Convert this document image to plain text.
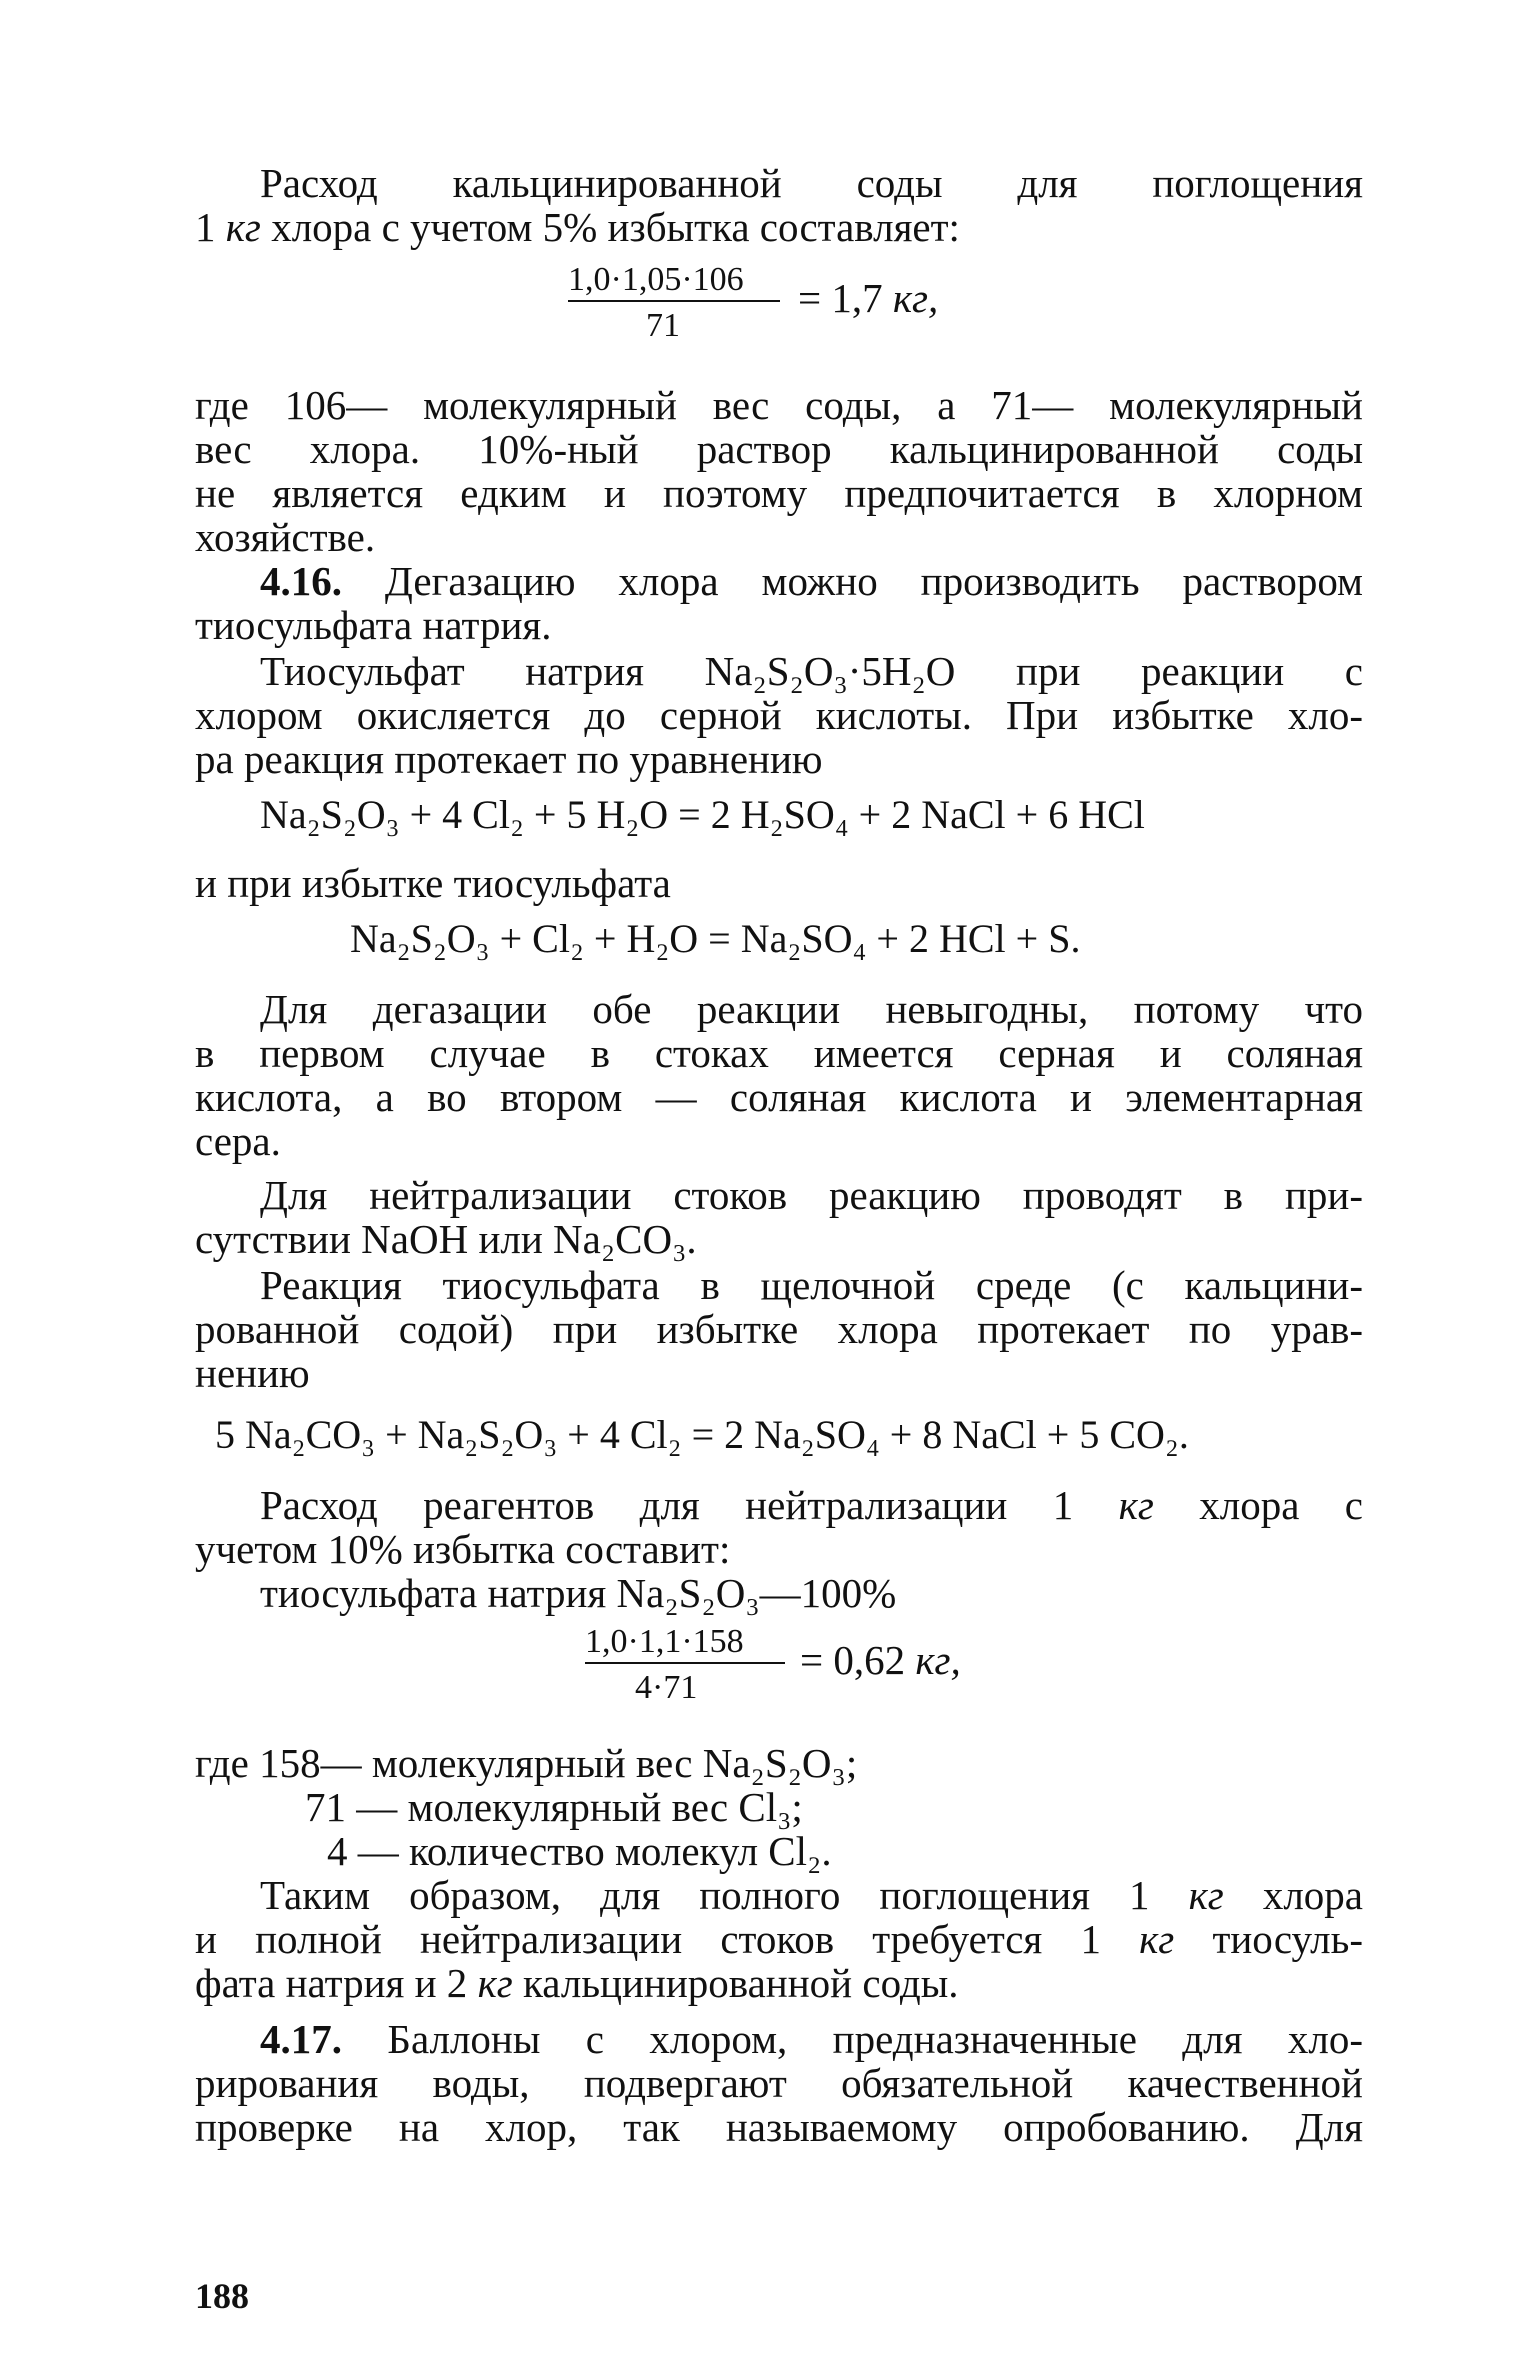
Расход кальцинированной соды для поглощения
1 кг хлора с учетом 5% избытка составляет:
1,0·1,05·106
71
= 1,7 кг,
где 106— молекулярный вес соды, а 71— молекулярный
вес хлора. 10%-ный раствор кальцинированной соды
не является едким и поэтому предпочитается в хлорном
хозяйстве.
4.16. Дегазацию хлора можно производить раствором
тиосульфата натрия.
Тиосульфат натрия Na₂S₂O₃·5H₂O при реакции с
хлором окисляется до серной кислоты. При избытке хло-
ра реакция протекает по уравнению
Na₂S₂O₃ + 4 Cl₂ + 5 H₂O = 2 H₂SO₄ + 2 NaCl + 6 HCl
и при избытке тиосульфата
Na₂S₂O₃ + Cl₂ + H₂O = Na₂SO₄ + 2 HCl + S.
Для дегазации обе реакции невыгодны, потому что
в первом случае в стоках имеется серная и соляная
кислота, а во втором — соляная кислота и элементарная
сера.
Для нейтрализации стоков реакцию проводят в при-
сутствии NaOH или Na₂CO₃.
Реакция тиосульфата в щелочной среде (с кальцини-
рованной содой) при избытке хлора протекает по урав-
нению
5 Na₂CO₃ + Na₂S₂O₃ + 4 Cl₂ = 2 Na₂SO₄ + 8 NaCl + 5 CO₂.
Расход реагентов для нейтрализации 1 кг хлора с
учетом 10% избытка составит:
тиосульфата натрия Na₂S₂O₃—100%
1,0·1,1·158
4·71
= 0,62 кг,
где 158— молекулярный вес Na₂S₂O₃;
71 — молекулярный вес Cl₃;
4 — количество молекул Cl₂.
Таким образом, для полного поглощения 1 кг хлора
и полной нейтрализации стоков требуется 1 кг тиосуль-
фата натрия и 2 кг кальцинированной соды.
4.17. Баллоны с хлором, предназначенные для хло-
рирования воды, подвергают обязательной качественной
проверке на хлор, так называемому опробованию. Для
188
